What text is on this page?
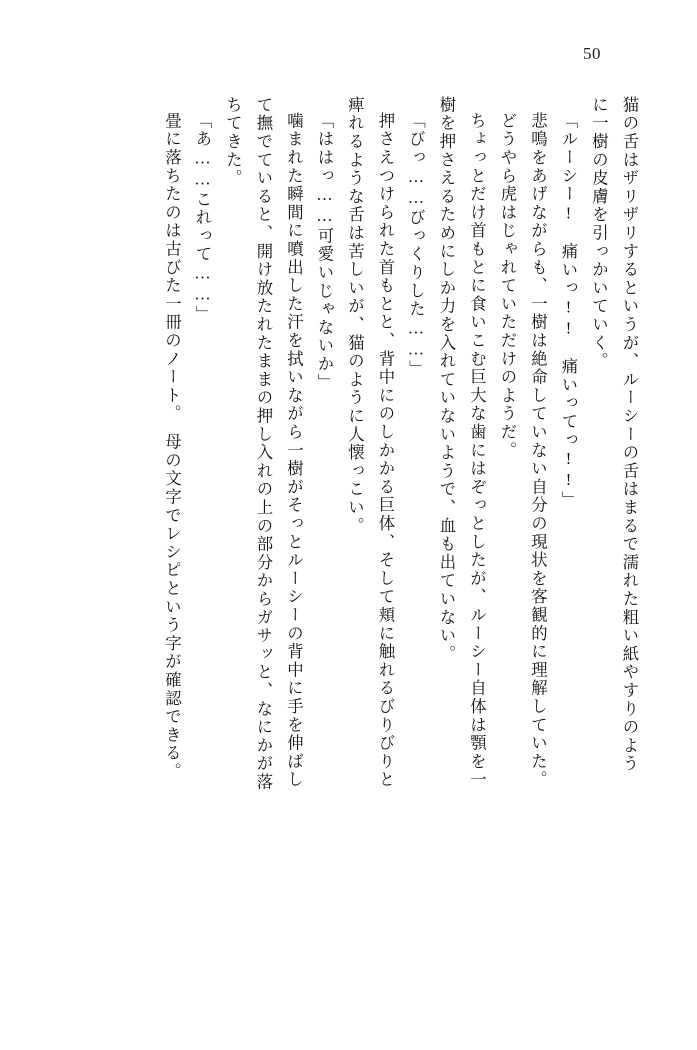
50
猫の舌はザリザリするというが、ルーシーの舌はまるで濡れた粗い紙やすりのよう
に一樹の皮膚を引っかいていく。
「ルーシー!　痛いっ!!　痛いってっ!!」
悲鳴をあげながらも、一樹は絶命していない自分の現状を客観的に理解していた。
どうやら虎はじゃれていただけのようだ。
ちょっとだけ首もとに食いこむ巨大な歯にはぞっとしたが、ルーシー自体は顎を一
樹を押さえるためにしか力を入れていないようで、血も出ていない。
「びっ……びっくりした……」
押さえつけられた首もとと、背中にのしかかる巨体、そして頬に触れるびりびりと
痺れるような舌は苦しいが、猫のように人懐っこい。
「ははっ……可愛いじゃないか」
噛まれた瞬間に噴出した汗を拭いながら一樹がそっとルーシーの背中に手を伸ばし
て撫でていると、開け放たれたままの押し入れの上の部分からガサッと、なにかが落
ちてきた。
「あ……これって……」
畳に落ちたのは古びた一冊のノート。　母の文字でレシピという字が確認できる。
